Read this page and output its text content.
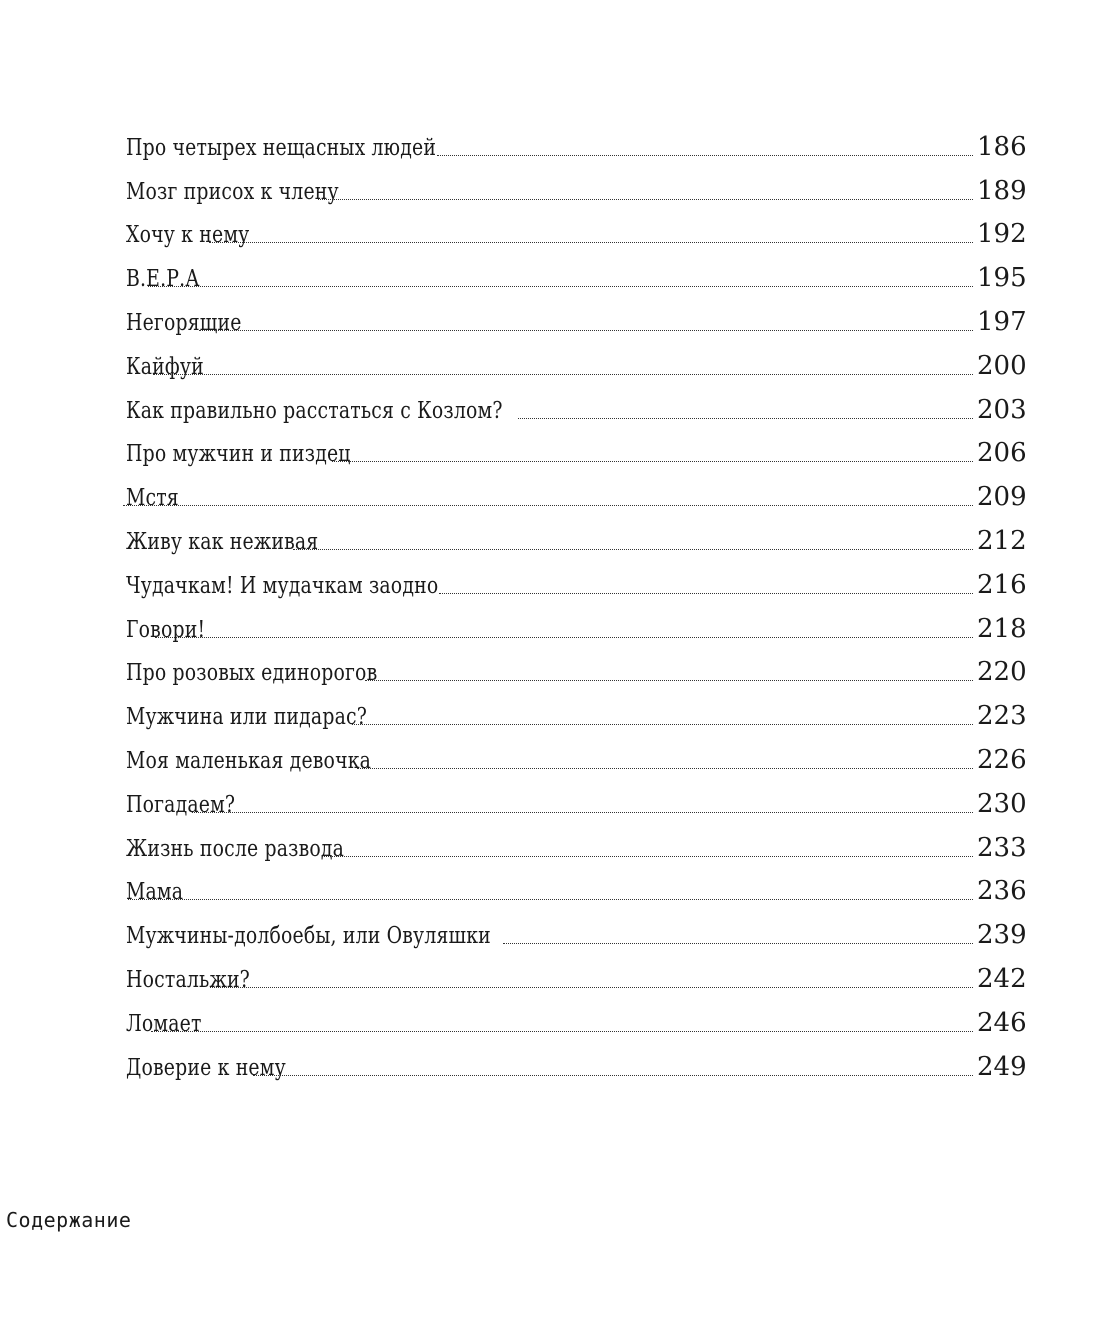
Про четырех нещасных людей	186
Мозг присох к члену	189
Хочу к нему	192
В.Е.Р.А	195
Негорящие	197
Кайфуй	200
Как правильно расстаться с Козлом?	203
Про мужчин и пиздец	206
Мстя	209
Живу как неживая	212
Чудачкам! И мудачкам заодно	216
Говори!	218
Про розовых единорогов	220
Мужчина или пидарас?	223
Моя маленькая девочка	226
Погадаем?	230
Жизнь после развода	233
Мама	236
Мужчины-долбоебы, или Овуляшки	239
Ностальжи?	242
Ломает	246
Доверие к нему	249
Содержание
